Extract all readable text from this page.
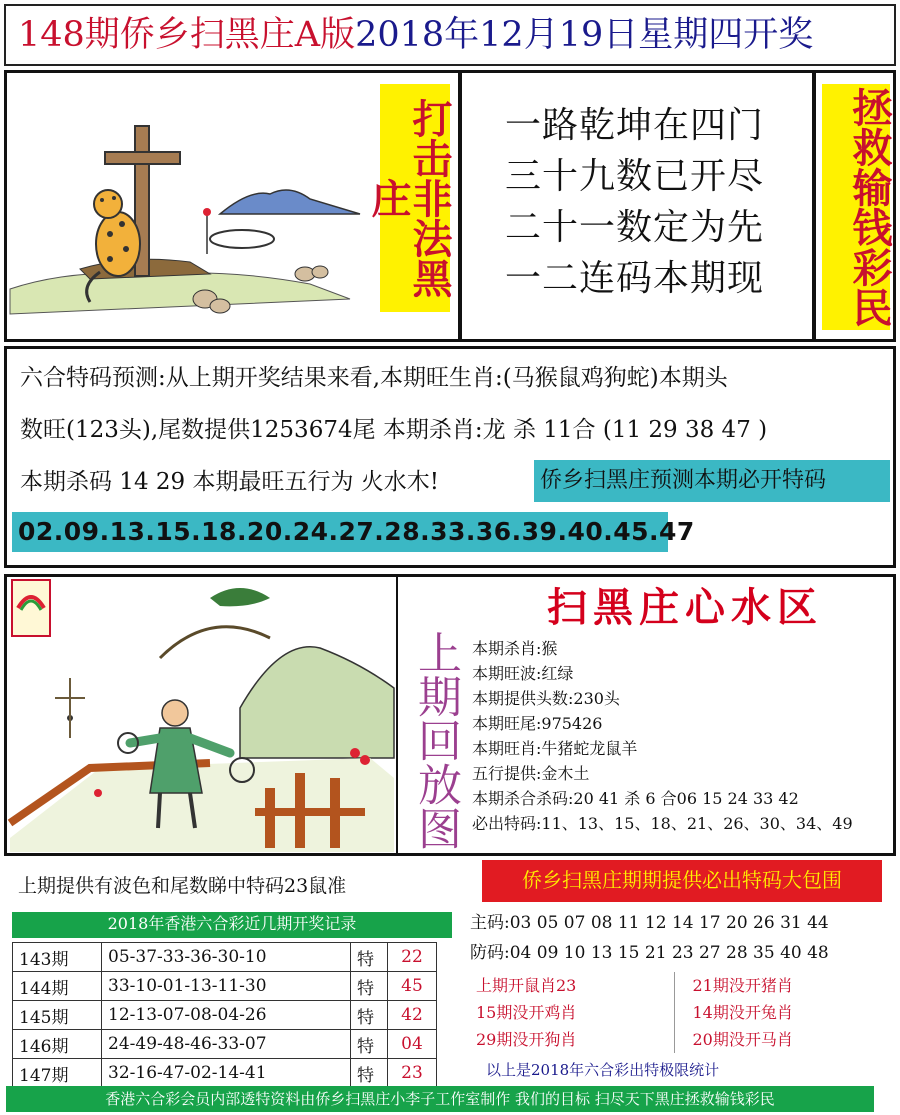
148期侨乡扫黑庄A版2018年12月19日星期四开奖
打击非法黑庄
一路乾坤在四门
三十九数已开尽
二十一数定为先
一二连码本期现	拯救输钱彩民
六合特码预测:从上期开奖结果来看,本期旺生肖:(马猴鼠鸡狗蛇)本期头
数旺(123头),尾数提供1253674尾 本期杀肖:龙 杀 11合 (11 29 38 47 )
本期杀码 14 29 本期最旺五行为 火水木!	侨乡扫黑庄预测本期必开特码
02.09.13.15.18.20.24.27.28.33.36.39.40.45.47
上期回放图
扫黑庄心水区
本期杀肖:猴
本期旺波:红绿
本期提供头数:230头
本期旺尾:975426
本期旺肖:牛猪蛇龙鼠羊
五行提供:金木土
本期杀合杀码:20 41 杀 6 合06 15 24 33 42
必出特码:11、13、15、18、21、26、30、34、49
上期提供有波色和尾数睇中特码23鼠准	侨乡扫黑庄期期提供必出特码大包围
2018年香港六合彩近几期开奖记录
143期	05-37-33-36-30-10	特	22
144期	33-10-01-13-11-30	特	45
145期	12-13-07-08-04-26	特	42
146期	24-49-48-46-33-07	特	04
147期	32-16-47-02-14-41	特	23
主码:03 05 07 08 11 12 14 17 20 26 31 44
防码:04 09 10 13 15 21 23 27 28 35 40 48
上期开鼠肖23	21期没开猪肖
15期没开鸡肖	14期没开兔肖
29期没开狗肖	20期没开马肖
以上是2018年六合彩出特极限统计
香港六合彩会员内部透特资料由侨乡扫黑庄小李子工作室制作 我们的目标 扫尽天下黑庄拯救输钱彩民
